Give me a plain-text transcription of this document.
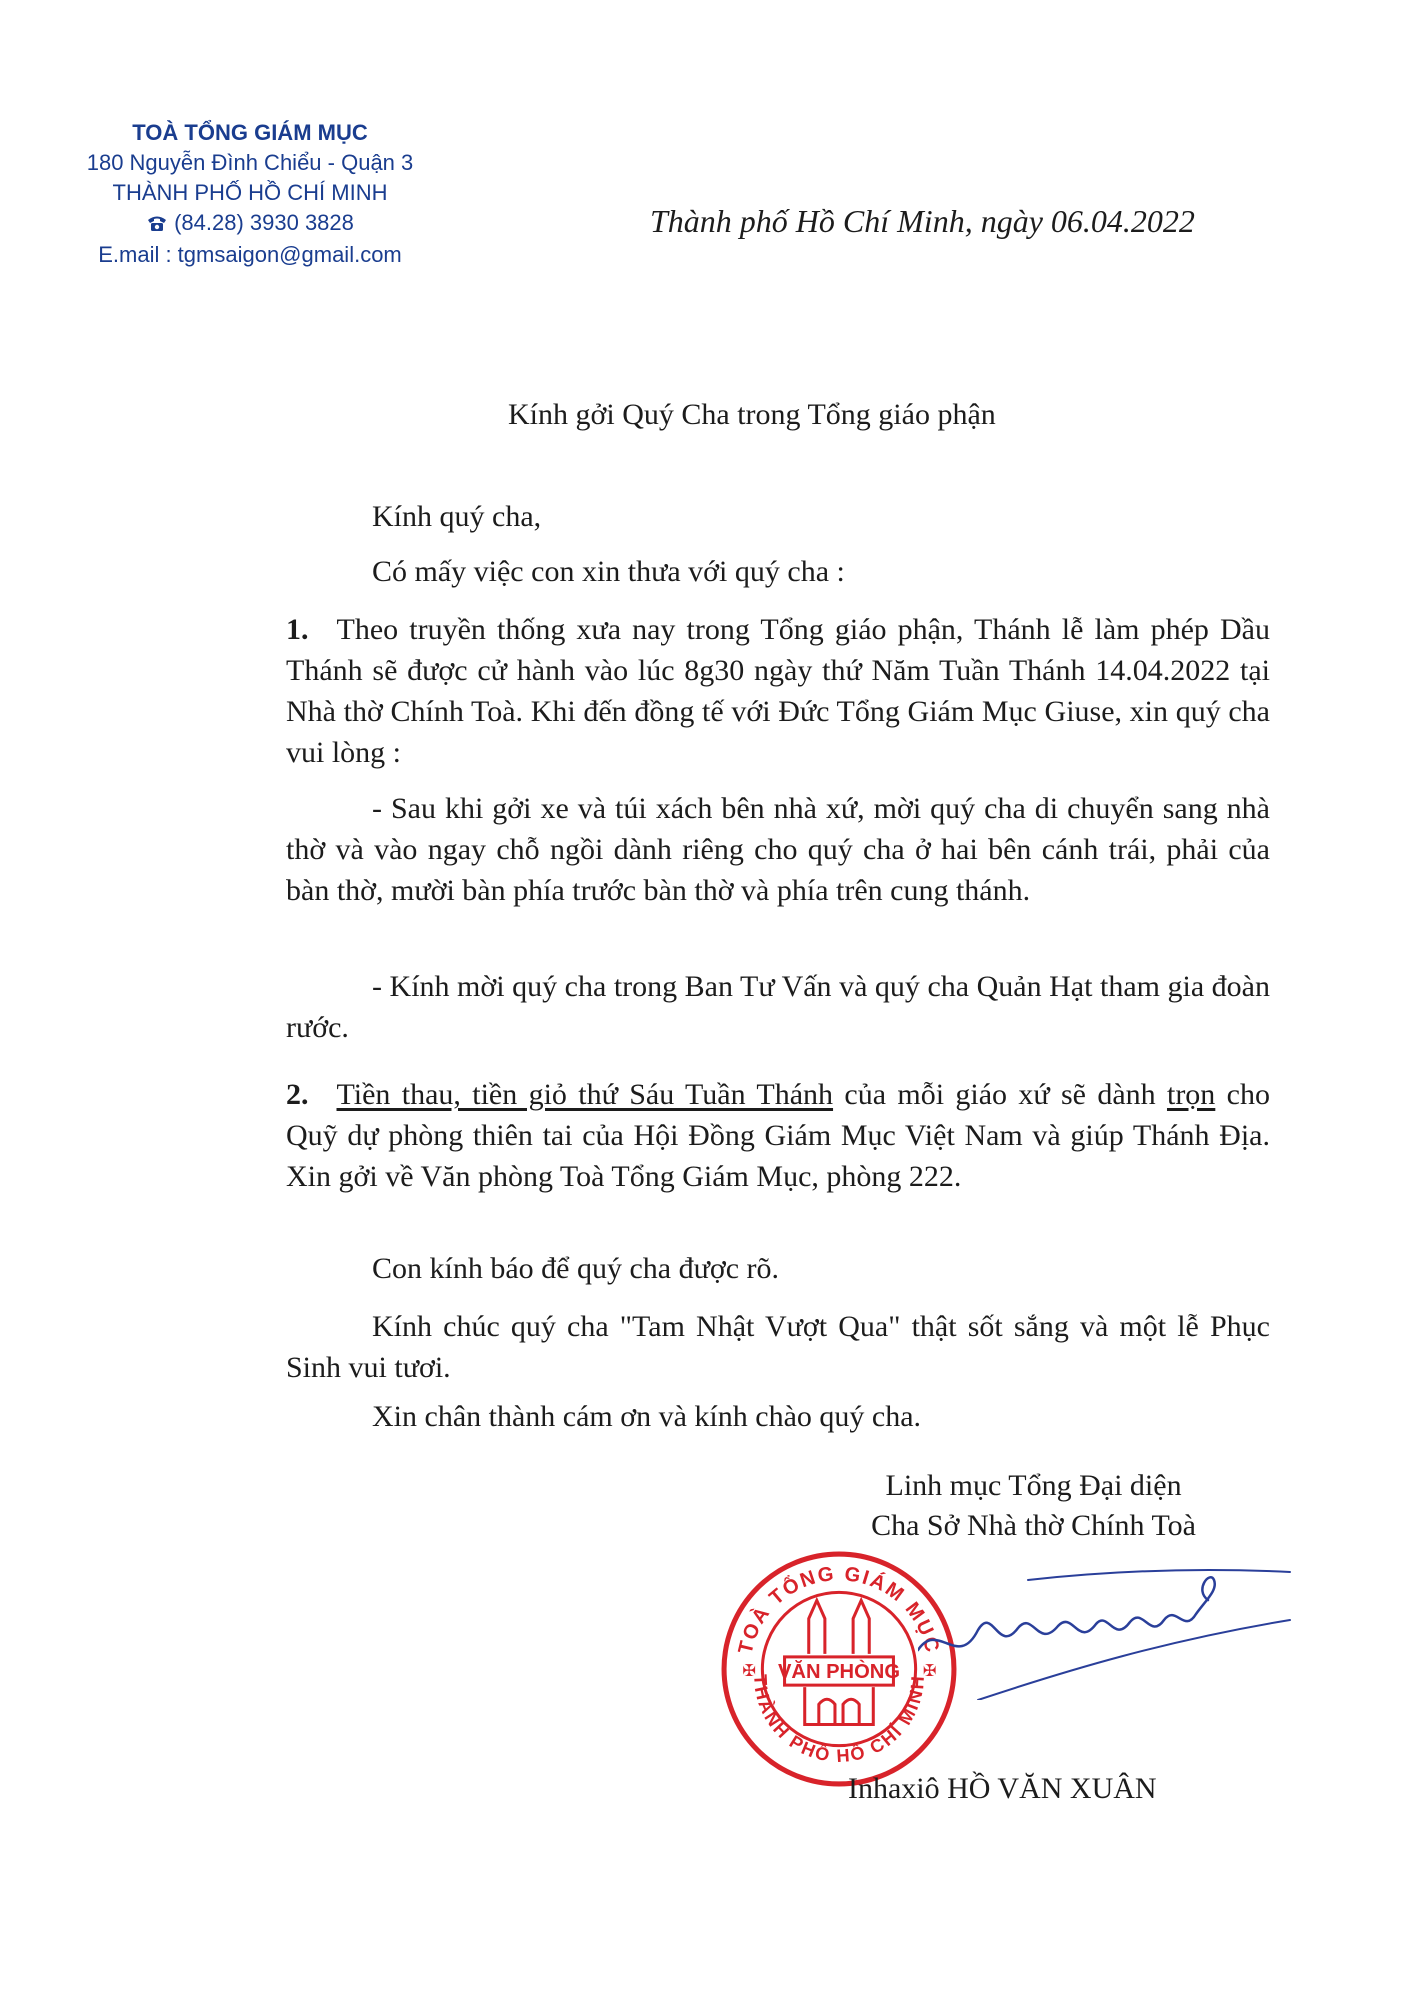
TOÀ TỔNG GIÁM MỤC
180 Nguyễn Đình Chiểu - Quận 3
THÀNH PHỐ HỒ CHÍ MINH
(84.28) 3930 3828
E.mail : tgmsaigon@gmail.com
Thành phố Hồ Chí Minh, ngày 06.04.2022
Kính gởi Quý Cha trong Tổng giáo phận
Kính quý cha,
Có mấy việc con xin thưa với quý cha :
1. Theo truyền thống xưa nay trong Tổng giáo phận, Thánh lễ làm phép Dầu Thánh sẽ được cử hành vào lúc 8g30 ngày thứ Năm Tuần Thánh 14.04.2022 tại Nhà thờ Chính Toà. Khi đến đồng tế với Đức Tổng Giám Mục Giuse, xin quý cha vui lòng :
- Sau khi gởi xe và túi xách bên nhà xứ, mời quý cha di chuyển sang nhà thờ và vào ngay chỗ ngồi dành riêng cho quý cha ở hai bên cánh trái, phải của bàn thờ, mười bàn phía trước bàn thờ và phía trên cung thánh.
- Kính mời quý cha trong Ban Tư Vấn và quý cha Quản Hạt tham gia đoàn rước.
2. Tiền thau, tiền giỏ thứ Sáu Tuần Thánh của mỗi giáo xứ sẽ dành trọn cho Quỹ dự phòng thiên tai của Hội Đồng Giám Mục Việt Nam và giúp Thánh Địa. Xin gởi về Văn phòng Toà Tổng Giám Mục, phòng 222.
Con kính báo để quý cha được rõ.
Kính chúc quý cha "Tam Nhật Vượt Qua" thật sốt sắng và một lễ Phục Sinh vui tươi.
Xin chân thành cám ơn và kính chào quý cha.
Linh mục Tổng Đại diện
Cha Sở Nhà thờ Chính Toà
TOÀ TỔNG GIÁM MỤC
THÀNH PHỐ HỒ CHÍ MINH
✠	✠
VĂN PHÒNG
Inhaxiô HỒ VĂN XUÂN
